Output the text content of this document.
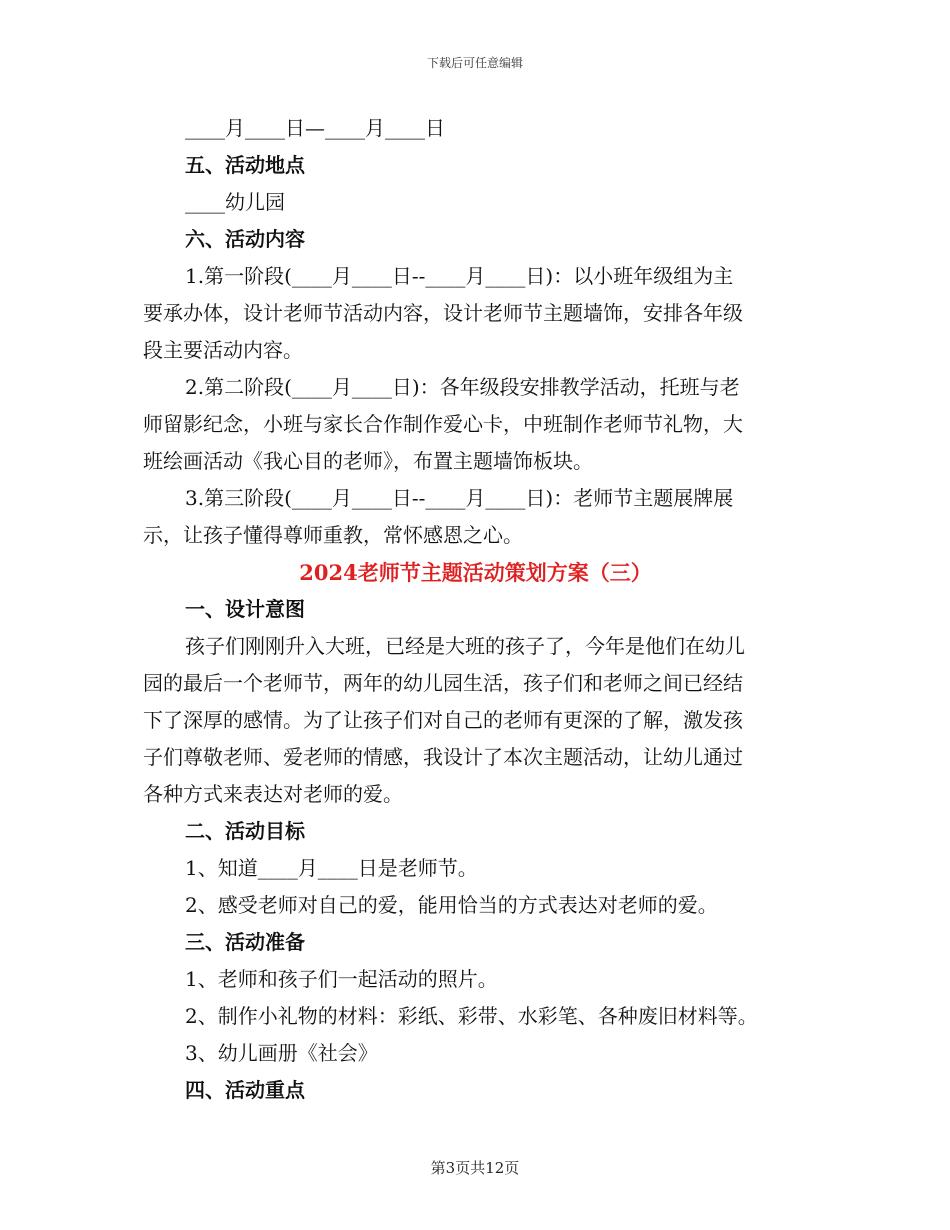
下载后可任意编辑
____月____日—____月____日
五、活动地点
____幼儿园
六、活动内容
1.第一阶段(____月____日--____月____日)：以小班年级组为主
要承办体，设计老师节活动内容，设计老师节主题墙饰，安排各年级
段主要活动内容。
2.第二阶段(____月____日)：各年级段安排教学活动，托班与老
师留影纪念，小班与家长合作制作爱心卡，中班制作老师节礼物，大
班绘画活动《我心目的老师》，布置主题墙饰板块。
3.第三阶段(____月____日--____月____日)：老师节主题展牌展
示，让孩子懂得尊师重教，常怀感恩之心。
2024老师节主题活动策划方案（三）
一、设计意图
孩子们刚刚升入大班，已经是大班的孩子了，今年是他们在幼儿
园的最后一个老师节，两年的幼儿园生活，孩子们和老师之间已经结
下了深厚的感情。为了让孩子们对自己的老师有更深的了解，激发孩
子们尊敬老师、爱老师的情感，我设计了本次主题活动，让幼儿通过
各种方式来表达对老师的爱。
二、活动目标
1、知道____月____日是老师节。
2、感受老师对自己的爱，能用恰当的方式表达对老师的爱。
三、活动准备
1、老师和孩子们一起活动的照片。
2、制作小礼物的材料：彩纸、彩带、水彩笔、各种废旧材料等。
3、幼儿画册《社会》
四、活动重点
第3页共12页
